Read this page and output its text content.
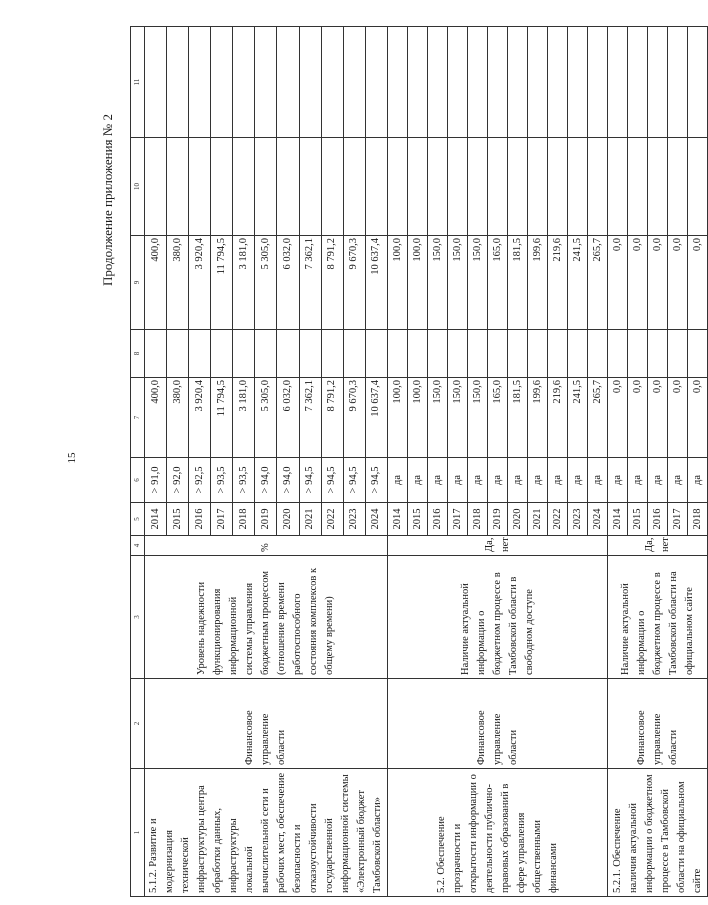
15
Продолжение приложения № 2
1	2	3	4	5	6	7	8	9	10	11
5.1.2. Развитие и модернизация технической инфраструктуры центра обработки данных, инфраструктуры локальной вычислительной сети и рабочих мест, обеспечение безопасности и отказоустойчивости государственной информационной системы «Электронный бюджет Тамбовской области»	Финансовое управление области	Уровень надежности функционирования информационной системы управления бюджетным процессом (отношение времени работоспособного состояния комплексов к общему времени)	%	2014	> 91,0	400,0		400,0		
				2015	> 92,0	380,0		380,0		
				2016	> 92,5	3 920,4		3 920,4		
				2017	> 93,5	11 794,5		11 794,5		
				2018	> 93,5	3 181,0		3 181,0		
				2019	> 94,0	5 305,0		5 305,0		
				2020	> 94,0	6 032,0		6 032,0		
				2021	> 94,5	7 362,1		7 362,1		
				2022	> 94,5	8 791,2		8 791,2		
				2023	> 94,5	9 670,3		9 670,3		
				2024	> 94,5	10 637,4		10 637,4		
5.2. Обеспечение прозрачности и открытости информации о деятельности публично-правовых образований в сфере управления общественными финансами	Финансовое управление области	Наличие актуальной информации о бюджетном процессе в Тамбовской области в свободном доступе	Да, нет	2014	да	100,0		100,0		
				2015	да	100,0		100,0		
				2016	да	150,0		150,0		
				2017	да	150,0		150,0		
				2018	да	150,0		150,0		
				2019	да	165,0		165,0		
				2020	да	181,5		181,5		
				2021	да	199,6		199,6		
				2022	да	219,6		219,6		
				2023	да	241,5		241,5		
				2024	да	265,7		265,7		
5.2.1. Обеспечение наличия актуальной информации о бюджетном процессе в Тамбовской области на официальном сайте	Финансовое управление области	Наличие актуальной информации о бюджетном процессе в Тамбовской области на официальном сайте	Да, нет	2014	да	0,0		0,0		
				2015	да	0,0		0,0		
				2016	да	0,0		0,0		
				2017	да	0,0		0,0		
				2018	да	0,0		0,0		
